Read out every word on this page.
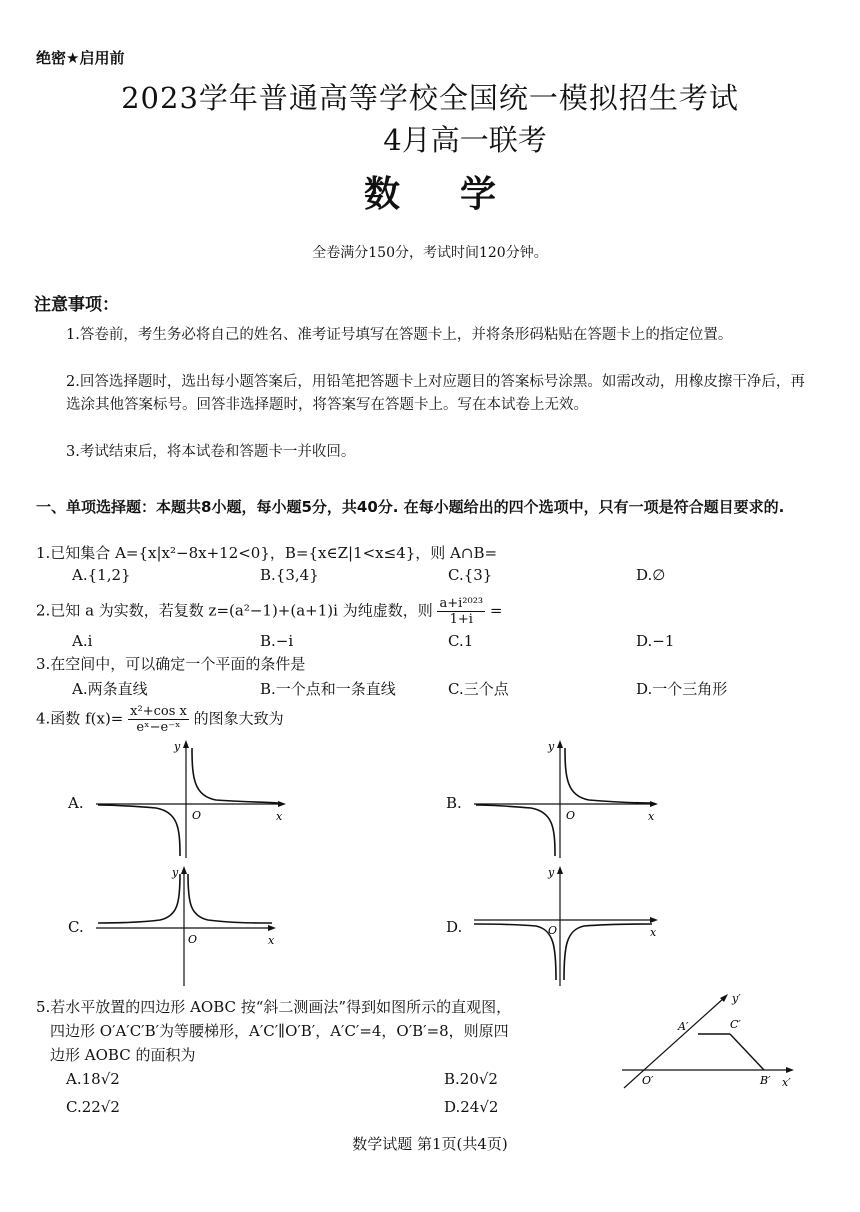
绝密★启用前
2023学年普通高等学校全国统一模拟招生考试
4月高一联考
数学
全卷满分150分，考试时间120分钟。
注意事项：
1.答卷前，考生务必将自己的姓名、准考证号填写在答题卡上，并将条形码粘贴在答题卡上的指定位置。
2.回答选择题时，选出每小题答案后，用铅笔把答题卡上对应题目的答案标号涂黑。如需改动，用橡皮擦干净后，再选涂其他答案标号。回答非选择题时，将答案写在答题卡上。写在本试卷上无效。
3.考试结束后，将本试卷和答题卡一并收回。
一、单项选择题：本题共8小题，每小题5分，共40分. 在每小题给出的四个选项中，只有一项是符合题目要求的.
1.已知集合 A={x|x²−8x+12<0}，B={x∈Z|1<x≤4}，则 A∩B=
A.{1,2}	B.{3,4}	C.{3}	D.∅
2.已知 a 为实数，若复数 z=(a²−1)+(a+1)i 为纯虚数，则 $\frac{\text{a+i²⁰²³}}{1+i}$ =
A.i	B.−i	C.1	D.−1
3.在空间中，可以确定一个平面的条件是
A.两条直线	B.一个点和一条直线	C.三个点	D.一个三角形
4.函数 $f(x)= \frac{\text{x²+cos x}}{\text{eˣ−e⁻ˣ}}$ 的图象大致为
A.	B.
C.	D.
y
x
O
y
x
O
y
x
O
y
x
O
5.若水平放置的四边形 AOBC 按“斜二测画法”得到如图所示的直观图，
四边形 O′A′C′B′为等腰梯形，A′C′∥O′B′，A′C′=4，O′B′=8，则原四
边形 AOBC 的面积为
A.18√2	B.20√2
C.22√2	D.24√2
y′
A′	C′
O′	B′ x′
数学试题 第1页(共4页)
